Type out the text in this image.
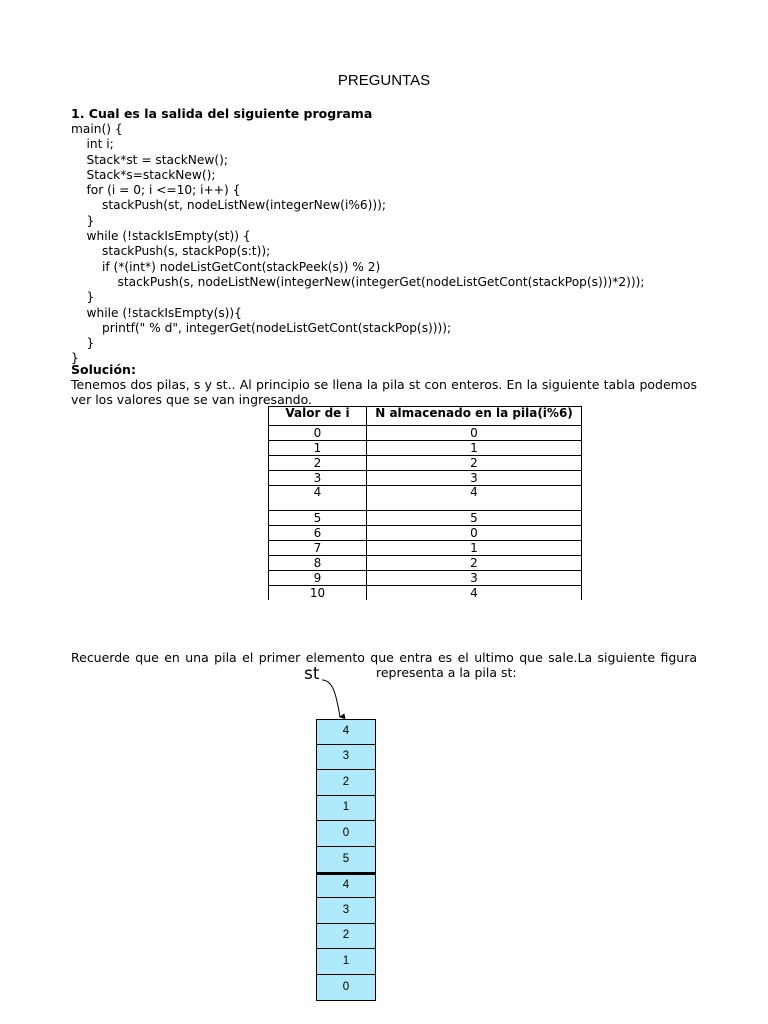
PREGUNTAS
1. Cual es la salida del siguiente programa
main() {
int i;
Stack*st = stackNew();
Stack*s=stackNew();
for (i = 0; i <=10; i++) {
stackPush(st, nodeListNew(integerNew(i%6)));
}
while (!stackIsEmpty(st)) {
stackPush(s, stackPop(s:t));
if (*(int*) nodeListGetCont(stackPeek(s)) % 2)
stackPush(s, nodeListNew(integerNew(integerGet(nodeListGetCont(stackPop(s)))*2)));
}
while (!stackIsEmpty(s)){
printf(" % d", integerGet(nodeListGetCont(stackPop(s))));
}
}
Solución:
Tenemos dos pilas, s y st.. Al principio se llena la pila st con enteros. En la siguiente tabla podemos ver los valores que se van ingresando.
Valor de i	N almacenado en la pila(i%6)
0	0
1	1
2	2
3	3
4	4
5	5
6	0
7	1
8	2
9	3
10	4
Recuerde que en una pila el primer elemento que entra es el ultimo que sale.La siguiente figura
representa a la pila st:
st
4
3
2
1
0
5
4
3
2
1
0
